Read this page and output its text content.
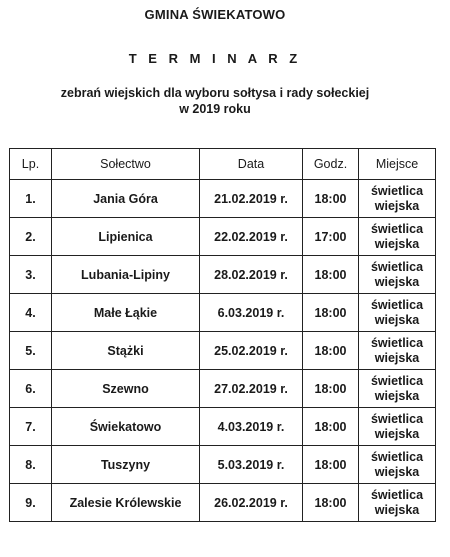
GMINA ŚWIEKATOWO
T E R M I N A R Z
zebrań wiejskich dla wyboru sołtysa i rady sołeckiej
w 2019 roku
Lp.	Sołectwo	Data	Godz.	Miejsce
1.	Jania Góra	21.02.2019 r.	18:00	świetlica
wiejska

2.	Lipienica	22.02.2019 r.	17:00	świetlica
wiejska

3.	Lubania-Lipiny	28.02.2019 r.	18:00	świetlica
wiejska

4.	Małe Łąkie	6.03.2019 r.	18:00	świetlica
wiejska

5.	Stążki	25.02.2019 r.	18:00	świetlica
wiejska

6.	Szewno	27.02.2019 r.	18:00	świetlica
wiejska

7.	Świekatowo	4.03.2019 r.	18:00	świetlica
wiejska

8.	Tuszyny	5.03.2019 r.	18:00	świetlica
wiejska

9.	Zalesie Królewskie	26.02.2019 r.	18:00	świetlica
wiejska
